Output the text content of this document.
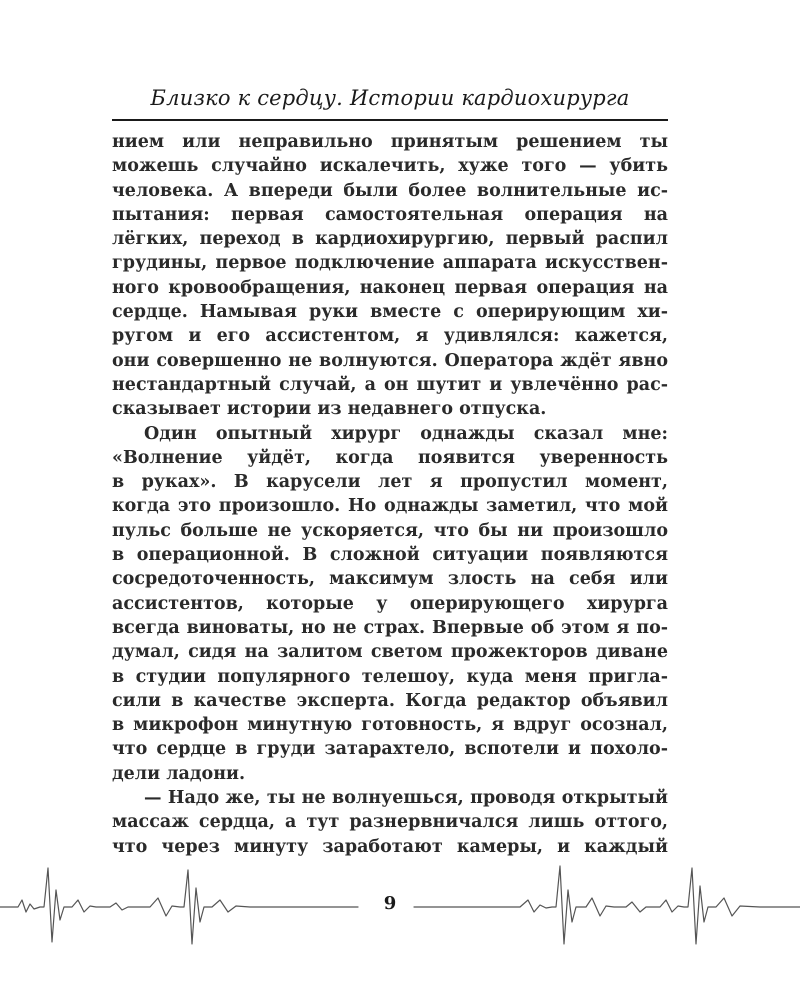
Близко к сердцу. Истории кардиохирурга
нием или неправильно принятым решением ты
можешь случайно искалечить, хуже того — убить
человека. А впереди были более волнительные ис-
пытания: первая самостоятельная операция на
лёгких, переход в кардиохирургию, первый распил
грудины, первое подключение аппарата искусствен-
ного кровообращения, наконец первая операция на
сердце. Намывая руки вместе с оперирующим хи-
ругом и его ассистентом, я удивлялся: кажется,
они совершенно не волнуются. Оператора ждёт явно
нестандартный случай, а он шутит и увлечённо рас-
сказывает истории из недавнего отпуска.
Один опытный хирург однажды сказал мне:
«Волнение уйдёт, когда появится уверенность
в руках». В карусели лет я пропустил момент,
когда это произошло. Но однажды заметил, что мой
пульс больше не ускоряется, что бы ни произошло
в операционной. В сложной ситуации появляются
сосредоточенность, максимум злость на себя или
ассистентов, которые у оперирующего хирурга
всегда виноваты, но не страх. Впервые об этом я по-
думал, сидя на залитом светом прожекторов диване
в студии популярного телешоу, куда меня пригла-
сили в качестве эксперта. Когда редактор объявил
в микрофон минутную готовность, я вдруг осознал,
что сердце в груди затарахтело, вспотели и похоло-
дели ладони.
— Надо же, ты не волнуешься, проводя открытый
массаж сердца, а тут разнервничался лишь оттого,
что через минуту заработают камеры, и каждый
9
